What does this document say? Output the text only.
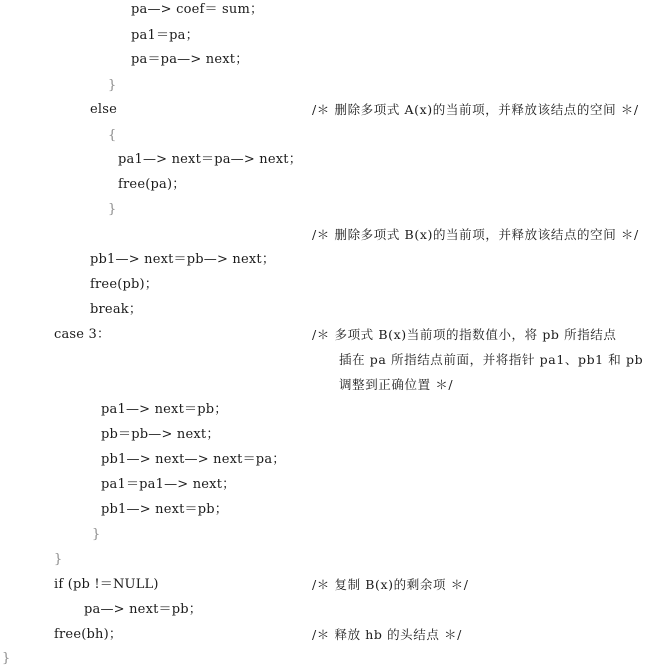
pa—> coef＝ sum；
pa1＝pa；
pa＝pa—> next；
}
else
{
pa1—> next＝pa—> next；
free(pa)；
}
pb1—> next＝pb—> next；
free(pb)；
break；
case 3：
pa1—> next＝pb；
pb＝pb—> next；
pb1—> next—> next＝pa；
pa1＝pa1—> next；
pb1—> next＝pb；
}
}
if (pb !＝NULL)
pa—> next＝pb；
free(bh)；
}
/＊ 删除多项式 A(x)的当前项，并释放该结点的空间 ＊/
/＊ 删除多项式 B(x)的当前项，并释放该结点的空间 ＊/
/＊ 多项式 B(x)当前项的指数值小，将 pb 所指结点
插在 pa 所指结点前面，并将指针 pa1、pb1 和 pb
调整到正确位置 ＊/
/＊ 复制 B(x)的剩余项 ＊/
/＊ 释放 hb 的头结点 ＊/
